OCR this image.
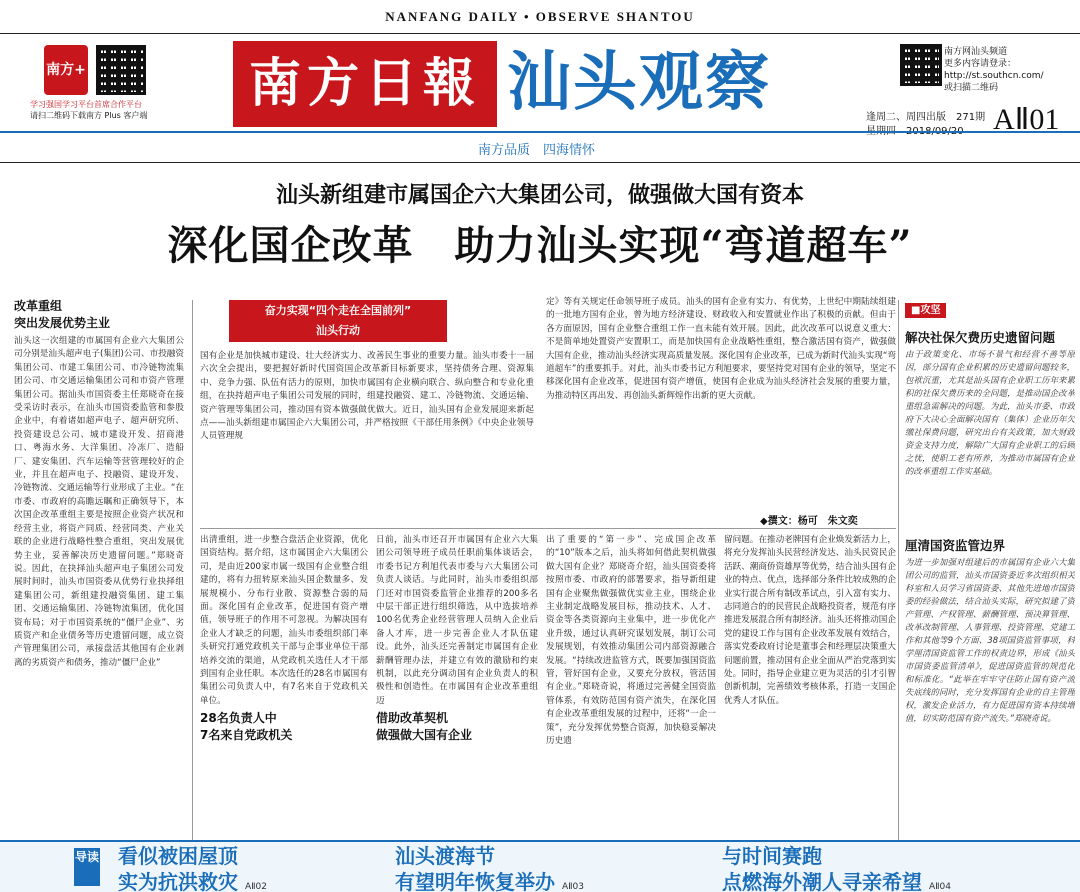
NANFANG DAILY • OBSERVE SHANTOU
南方+
学习强国学习平台首席合作平台
请扫二维码下载南方 Plus 客户端
南方日報 汕头观察	南方网汕头频道
更多内容请登录：
http://st.southcn.com/
或扫描二维码
逢周二、周四出版　271期
星期四　2018/09/20 AⅡ01
南方品质　四海情怀
汕头新组建市属国企六大集团公司，做强做大国有资本
深化国企改革　助力汕头实现“弯道超车”
改革重组
突出发展优势主业
汕头这一次组建的市属国有企业六大集团公司分别是汕头超声电子(集团)公司、市投融资集团公司、市建工集团公司、市冷链物流集团公司、市交通运输集团公司和市资产管理集团公司。据汕头市国资委主任郑晓奇在接受采访时表示，在汕头市国资委监管和参股企业中，有着诸如超声电子、超声研究所、投资建设总公司、城市建设开发、招商港口、粤海水务、大洋集团、冷冻厂、造船厂、建安集团、汽车运输等营管理较好的企业，并且在超声电子、投融资、建设开发、冷链物流、交通运输等行业形成了主业。“在市委、市政府的高瞻远瞩和正确领导下，本次国企改革重组主要是按照企业资产状况和经营主业，将资产同质、经营同类、产业关联的企业进行战略性整合重组，突出发展优势主业，妥善解决历史遗留问题。”郑晓奇说。因此，在抉择汕头超声电子集团公司发展时间时，汕头市国资委从优势行业抉择组建集团公司，新组建投融资集团、建工集团、交通运输集团、冷链物流集团，优化国资布局；对于市国资系统的“僵尸企业”、劣质资产和企业债务等历史遗留问题，成立资产管理集团公司，承接盘活其他国有企业剥离的劣质资产和债务，推动“僵尸企业”
奋力实现“四个走在全国前列”
汕头行动
国有企业是加快城市建设、壮大经济实力、改善民生事业的重要力量。汕头市委十一届六次全会提出，要把握好新时代国资国企改革新目标新要求，坚持债务合理、资源集中、竞争力强、队伍有活力的原则，加快市属国有企业横向联合、纵向整合和专业化重组，在抉持超声电子集团公司发展的同时，组建投融资、建工、冷链物流、交通运输、资产管理等集团公司，推动国有资本做强做优做大。近日，汕头国有企业发展迎来新起点——汕头新组建市属国企六大集团公司，并严格按照《干部任用条例》《中央企业领导人员管理规
定》等有关规定任命领导班子成员。汕头的国有企业有实力、有优势，上世纪中期陆续组建的一批地方国有企业，曾为地方经济建设、财政收入和安置就业作出了积极的贡献。但由于各方面原因，国有企业整合重组工作一直未能有效开展。因此，此次改革可以说意义重大：不是简单地处置资产安置职工，而是加快国有企业战略性重组，整合激活国有资产，做强做大国有企业，推动汕头经济实现高质量发展。深化国有企业改革，已成为新时代汕头实现“弯道超车”的重要抓手。对此，汕头市委书记方利旭要求，要坚持党对国有企业的领导，坚定不移深化国有企业改革，促进国有资产增值，使国有企业成为汕头经济社会发展的重要力量，为推动特区再出发、再创汕头新辉煌作出新的更大贡献。
◆撰文：杨可　朱文奕
出清重组，进一步整合盘活企业资源，优化国资结构。据介绍，这市属国企六大集团公司，是由近200家市属一级国有企业整合组建的，将有力扭转原来汕头国企数量多、发展规模小、分布行业散、资源整合弱的局面。深化国有企业改革，促进国有资产增值，领导班子的作用不可忽视。为解决国有企业人才缺乏的问题，汕头市委组织部门率头研究打通党政机关干部与企事业单位干部培养交流的渠道，从党政机关选任人才干部到国有企业任职。本次选任的28名市属国有集团公司负责人中，有7名来自于党政机关单位。
28名负责人中
7名来自党政机关
日前，汕头市还召开市属国有企业六大集团公司领导班子成员任职前集体谈话会，市委书记方利旭代表市委与六大集团公司负责人谈话。与此同时，汕头市委组织部门还对市国资委监管企业推荐的200多名中层干部正进行组织筛选，从中选拔培养100名优秀企业经营管理人员纳入企业后备人才库，进一步完善企业人才队伍建设。此外，汕头还完善制定市属国有企业薪酬管理办法，并建立有效的激励和约束机制，以此充分调动国有企业负责人的积极性和创造性。在市属国有企业改革重组迈
借助改革契机
做强做大国有企业
出了重要的“第一步”、完成国企改革的“10”版本之后，汕头将如何借此契机做强做大国有企业？郑晓奇介绍，汕头国资委将按照市委、市政府的部署要求，指导新组建国有企业聚焦做强做优实业主业，围绕企业主业制定战略发展目标，推动技术、人才、资金等各类资源向主业集中，进一步优化产业升级，通过认真研究谋划发展，制订公司发展规划，有效推动集团公司内部资源融合发展。“持续改进监管方式，既要加强国资监管，管好国有企业，又要充分放权，管活国有企业。”郑晓奇说，将通过完善健全国资监管体系，有效防范国有资产流失，在深化国有企业改革重组发展的过程中，还将“一企一策”，充分发挥优势整合资源，加快稳妥解决历史遗
留问题。在推动老牌国有企业焕发新活力上，将充分发挥汕头民营经济发达、汕头民资民企活跃、潮商侨资雄厚等优势，结合汕头国有企业的特点、优点，选择部分条件比较成熟的企业实行混合所有制改革试点，引入富有实力、志同道合的的民营民企战略投资者，规范有序推进发展混合所有制经济。汕头还将推动国企党的建设工作与国有企业改革发展有效结合，落实党委政府讨论是董事会和经理层决策重大问题前置，推动国有企业全面从严治党落到实处。同时，指导企业建立更为灵活的引才引智创新机制，完善绩效考核体系，打造一支国企优秀人才队伍。
■攻坚
解决社保欠费历史遗留问题
由于政策变化、市场不景气和经营不善等原因，部分国有企业积累的历史遗留问题较多，包袱沉重，尤其是汕头国有企业职工历年来累积的社保欠费历来的全问题，是推动国企改革重组急需解决的问题。为此，汕头市委、市政府下大决心全面解决国有（集体）企业历年欠缴社保费问题，研究出台有关政策，加大财政资金支持力度，解除广大国有企业职工的后顾之忧，使职工老有所养，为推动市属国有企业的改革重组工作实基础。
厘清国资监管边界
为进一步加强对组建后的市属国有企业六大集团公司的监管，汕头市国资委近多次组织相关科室和人员学习省国资委、其他先进地市国资委的经验做法，结合汕头实际，研究拟建了资产管理、产权管理、薪酬管理、预决算管理、改革改制管理、人事管理、投资管理、党建工作和其他等9个方面、38项国资监管事项，科学厘清国资监管工作的权责边界，形成《汕头市国资委监管清单》，促进国资监管的规范化和标准化。“此举在牢牢守住防止国有资产流失底线的同时，充分发挥国有企业的自主管理权，激发企业活力，有力促进国有资本持续增值，切实防范国有资产流失。”郑晓奇说。
导读 看似被困屋顶
实为抗洪救灾 AⅡ02
汕头渡海节
有望明年恢复举办 AⅡ03
与时间赛跑
点燃海外潮人寻亲希望 AⅡ04
